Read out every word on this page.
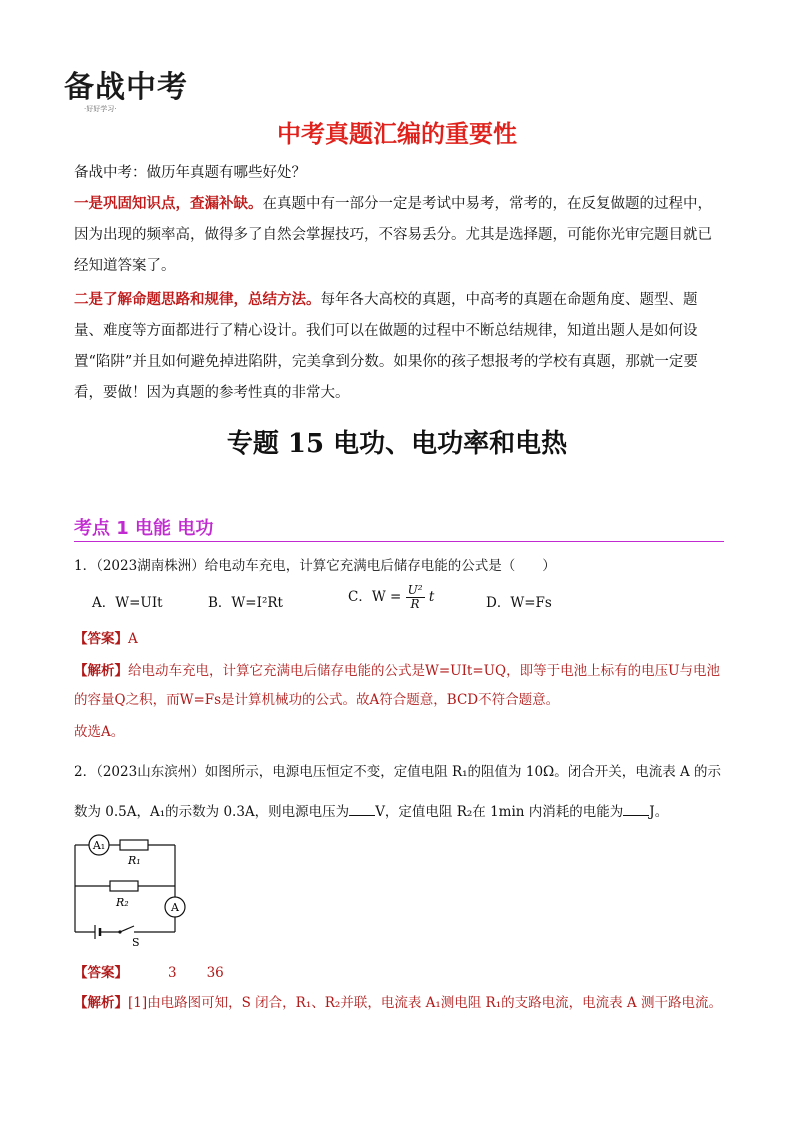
备战中考
·好好学习·
中考真题汇编的重要性
备战中考：做历年真题有哪些好处？
一是巩固知识点，查漏补缺。在真题中有一部分一定是考试中易考，常考的，在反复做题的过程中，因为出现的频率高，做得多了自然会掌握技巧，不容易丢分。尤其是选择题，可能你光审完题目就已经知道答案了。
二是了解命题思路和规律，总结方法。每年各大高校的真题，中高考的真题在命题角度、题型、题量、难度等方面都进行了精心设计。我们可以在做题的过程中不断总结规律，知道出题人是如何设置“陷阱”并且如何避免掉进陷阱，完美拿到分数。如果你的孩子想报考的学校有真题，那就一定要看，要做！因为真题的参考性真的非常大。
专题 15 电功、电功率和电热
考点 1 电能 电功
1．（2023湖南株洲）给电动车充电，计算它充满电后储存电能的公式是（　　）
A．W=UIt	B．W=I²Rt	C．$W = \frac{\text{U²}}{R}$ t	D．W=Fs
【答案】A
【解析】给电动车充电，计算它充满电后储存电能的公式是W=UIt=UQ，即等于电池上标有的电压U与电池的容量Q之积，而W=Fs是计算机械功的公式。故A符合题意，BCD不符合题意。
故选A。
2．（2023山东滨州）如图所示，电源电压恒定不变，定值电阻 R₁的阻值为 10Ω。闭合开关，电流表 A 的示
数为 0.5A，A₁的示数为 0.3A，则电源电压为 V，定值电阻 R₂在 1min 内消耗的电能为 J。
A₁
A
R₁
R₂
S
【答案】	3 36
【解析】[1]由电路图可知，S 闭合，R₁、R₂并联，电流表 A₁测电阻 R₁的支路电流，电流表 A 测干路电流。
